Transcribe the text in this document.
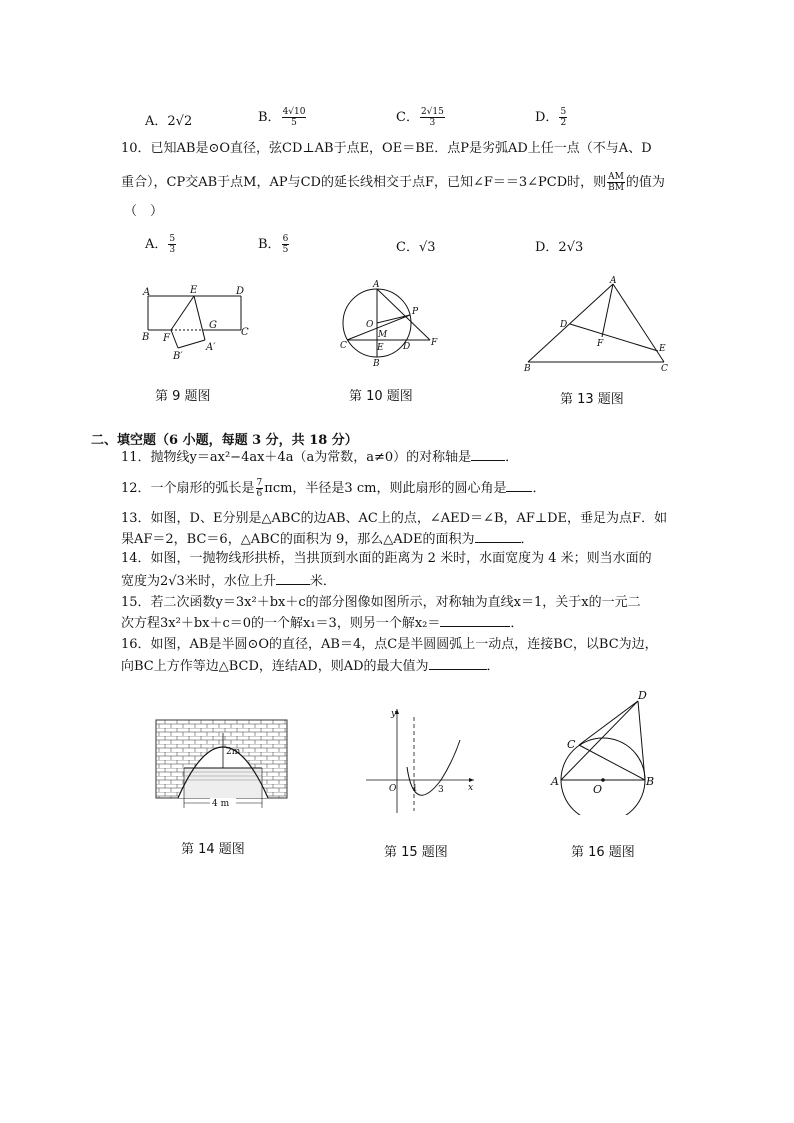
A．2√2	B． $\frac{4√10}{5}$	C． $\frac{2√15}{3}$	D． $\frac{5}{2}$
10．已知AB是⊙O直径，弦CD⊥AB于点E，OE＝BE．点P是劣弧AD上任一点（不与A、D
重合），CP交AB于点M，AP与CD的延长线相交于点F，已知∠F＝＝3∠PCD时，则 $\frac{AM}{BM}$ 的值为
（　）
A． $\frac{5}{3}$	B． $\frac{6}{5}$	C．√3	D．2√3
A	E	D
B F
G
C
B′
A′
第 9 题图
A
O
P
M
C	E D F
B
第 10 题图
A
D
F	E
B	C
第 13 题图
二、填空题（6 小题，每题 3 分，共 18 分）
11．抛物线y＝ax²−4ax＋4a（a为常数，a≠0）的对称轴是	．
12．一个扇形的弧长是 $\frac{7}{6}$ πcm，半径是3 cm，则此扇形的圆心角是 ．
13．如图，D、E分别是△ABC的边AB、AC上的点，∠AED＝∠B，AF⊥DE，垂足为点F．如
果AF＝2，BC＝6，△ABC的面积为 9，那么△ADE的面积为	．
14．如图，一抛物线形拱桥，当拱顶到水面的距离为 2 米时，水面宽度为 4 米；则当水面的
宽度为2√3米时，水位上升	米．
15．若二次函数y＝3x²＋bx＋c的部分图像如图所示，对称轴为直线x＝1，关于x的一元二
次方程3x²＋bx＋c＝0的一个解x₁＝3，则另一个解x₂＝	．
16．如图，AB是半圆⊙O的直径，AB＝4，点C是半圆圆弧上一动点，连接BC，以BC为边，
向BC上方作等边△BCD，连结AD，则AD的最大值为	．
2m
4 m
第 14 题图
y
x
O 1 3
第 15 题图
D
C
A
O
B
第 16 题图
